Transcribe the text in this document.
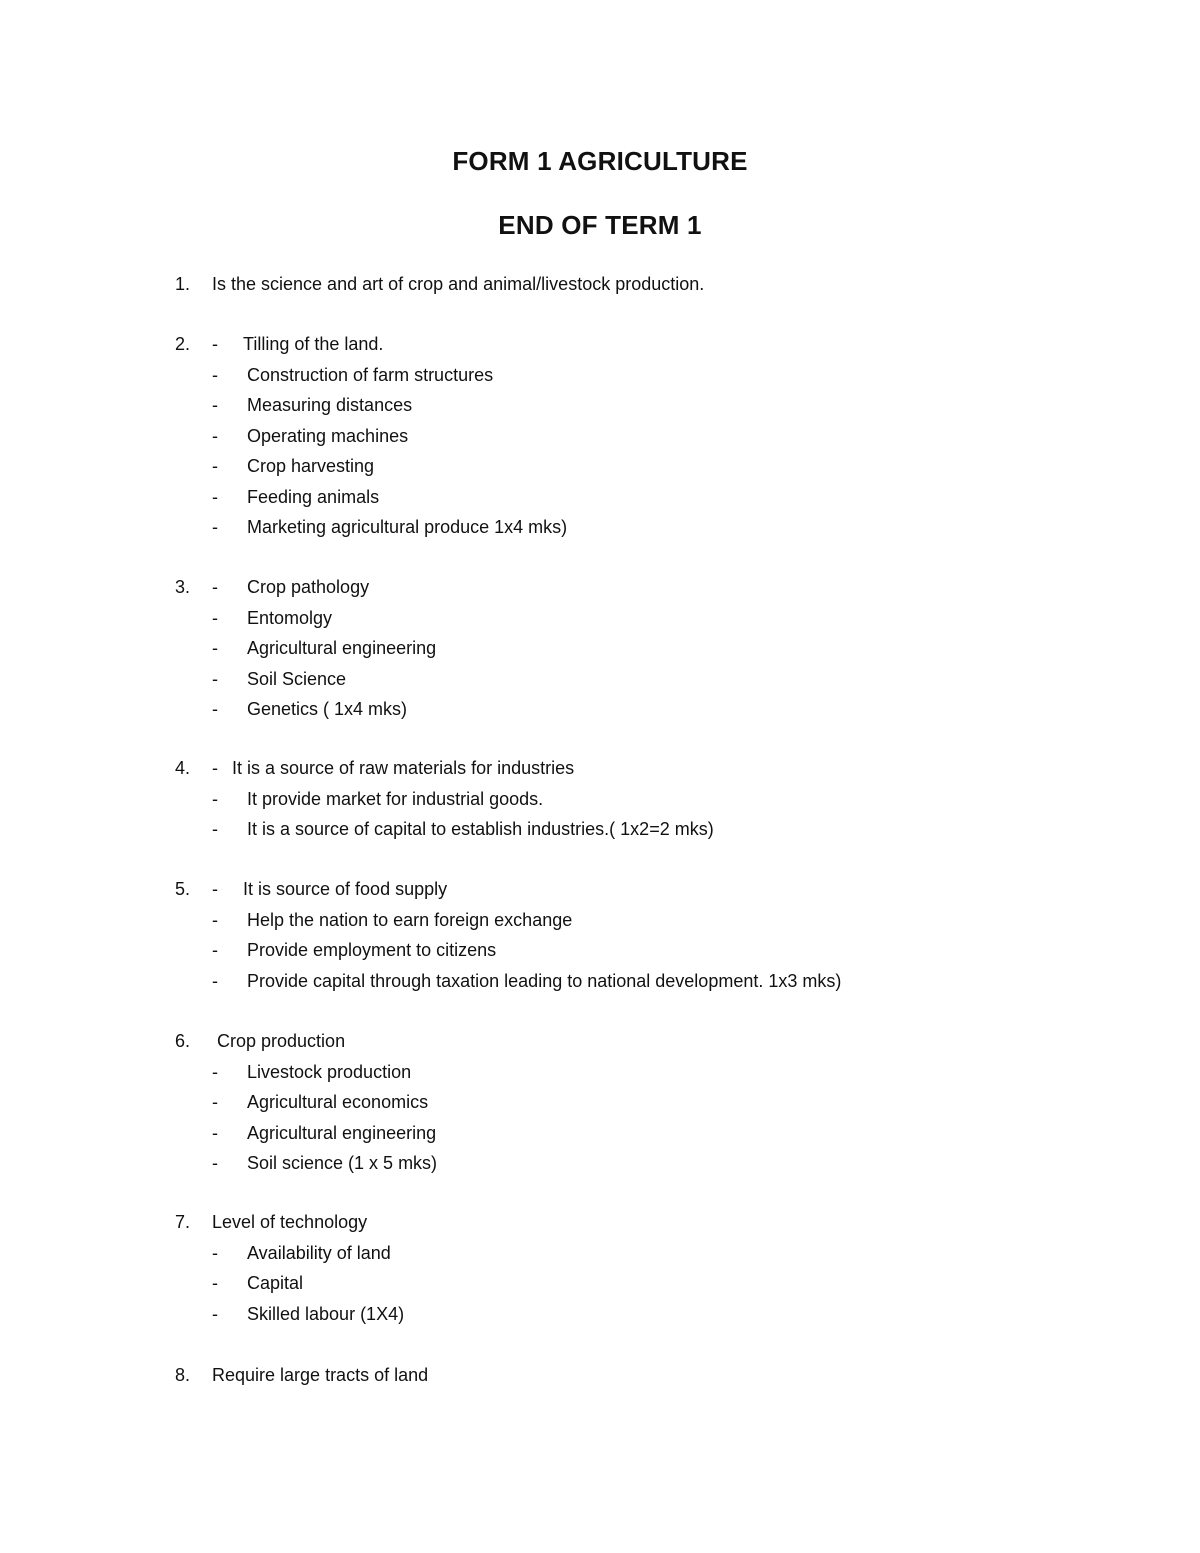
FORM 1 AGRICULTURE
END OF TERM 1
1. Is the science and art of crop and animal/livestock production.
2. - Tilling of the land.
- Construction of farm structures
- Measuring distances
- Operating machines
- Crop harvesting
- Feeding animals
- Marketing agricultural produce 1x4 mks)
3. - Crop pathology
- Entomolgy
- Agricultural engineering
- Soil Science
- Genetics ( 1x4 mks)
4. - It is a source of raw materials for industries
- It provide market for industrial goods.
- It is a source of capital to establish industries.( 1x2=2 mks)
5. - It is source of food supply
- Help the nation to earn foreign exchange
- Provide employment to citizens
- Provide capital through taxation leading to national development. 1x3 mks)
6. Crop production
- Livestock production
- Agricultural economics
- Agricultural engineering
- Soil science (1 x 5 mks)
7. Level of technology
- Availability of land
- Capital
- Skilled labour (1X4)
8. Require large tracts of land
